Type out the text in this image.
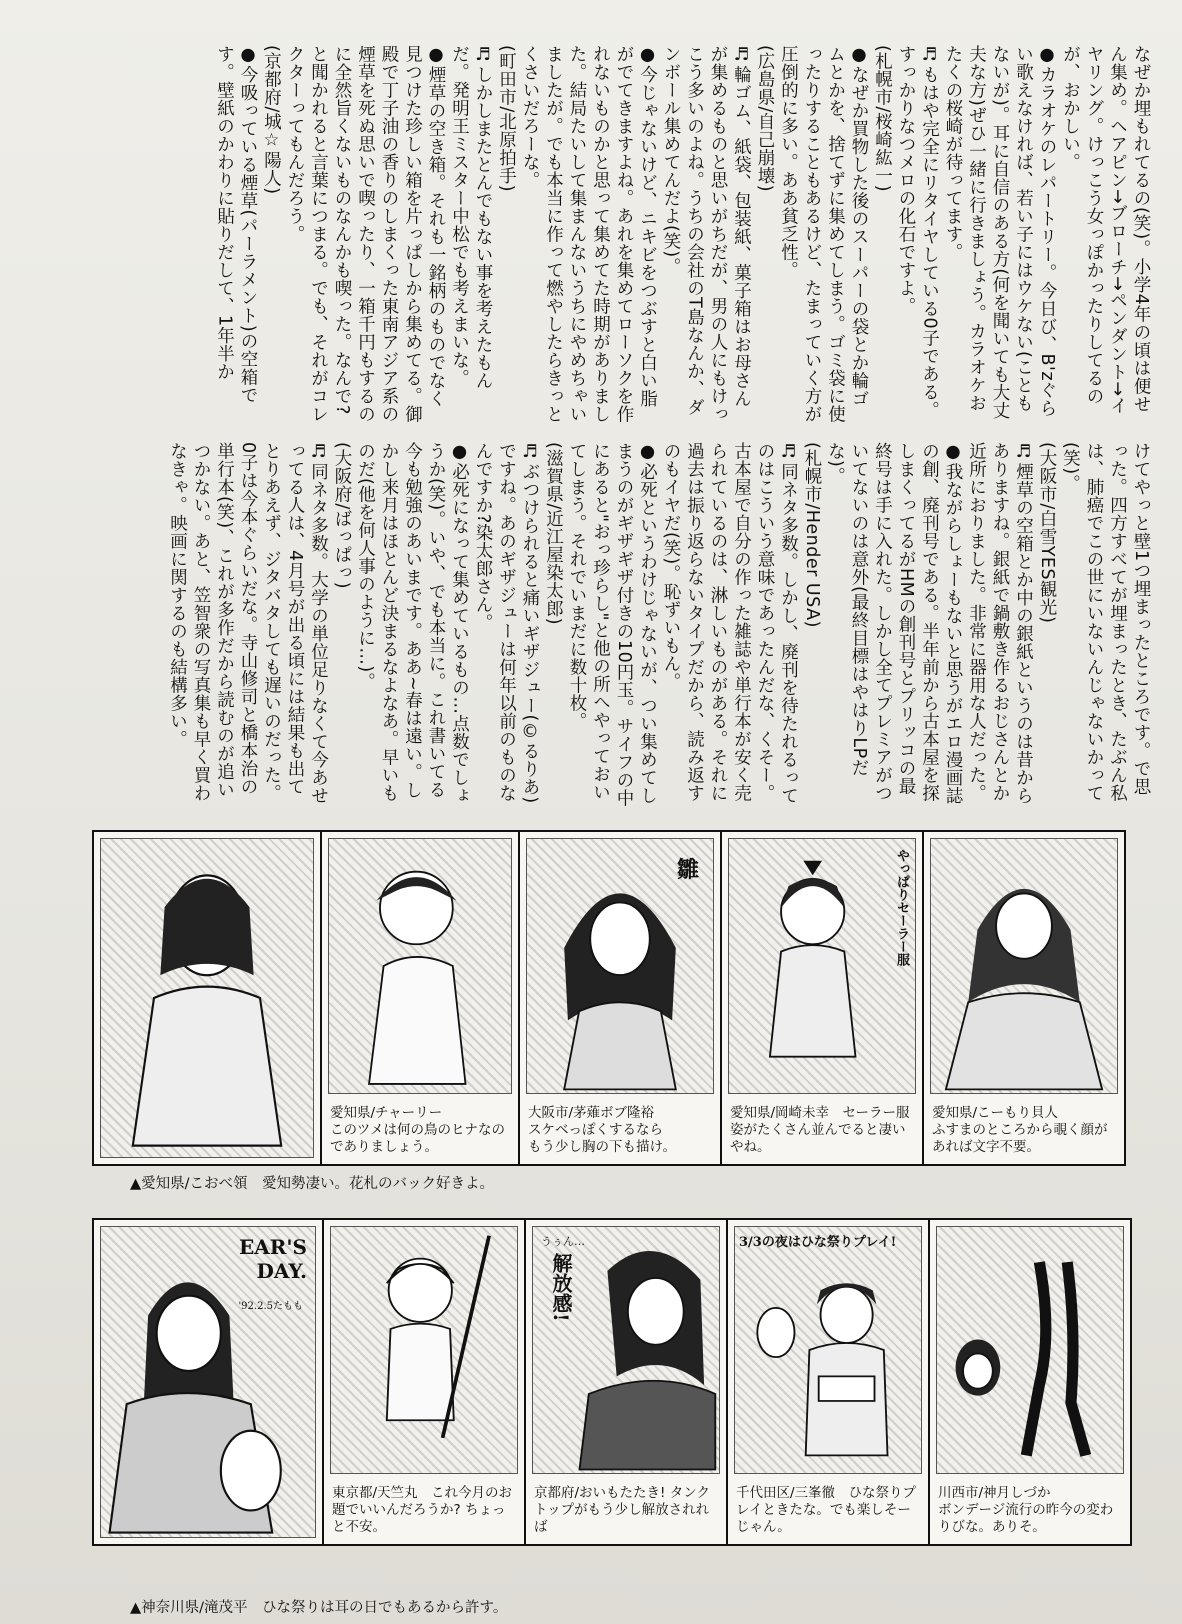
なぜか埋もれてるの(笑)。小学4年の頃は便せん集め。ヘアピン→ブローチ→ペンダント→イヤリング。けっこう女っぽかったりしてるのが、おかしい。

●カラオケのレパートリー。今日び、B'zぐらい歌えなければ、若い子にはウケない(こともないが)。耳に自信のある方(何を聞いても大丈夫な方)ぜひ一緒に行きましょう。カラオケおたくの桜崎が待ってます。

♬もはや完全にリタイヤしている0子である。すっかりなつメロの化石ですよ。

(札幌市/桜崎紘一)

●なぜか買物した後のスーパーの袋とか輪ゴムとかを、捨てずに集めてしまう。ゴミ袋に使ったりすることもあるけど、たまっていく方が圧倒的に多い。ああ貧乏性。

(広島県/自己崩壊)

♬輪ゴム、紙袋、包装紙、菓子箱はお母さんが集めるものと思いがちだが、男の人にもけっこう多いのよね。うちの会社のT島なんか、ダンボール集めてんだよ(笑)。

●今じゃないけど、ニキビをつぶすと白い脂がでてきますよね。あれを集めてローソクを作れないものかと思って集めてた時期がありました。結局たいして集まんないうちにやめちゃいましたが。でも本当に作って燃やしたらきっとくさいだろーな。

(町田市/北原拍手)

♬しかしまたとんでもない事を考えたもんだ。発明王ミスター中松でも考えまいな。

●煙草の空き箱。それも一銘柄のものでなく見つけた珍しい箱を片っぱしから集めてる。御殿で丁子油の香りのしまくった東南アジア系の煙草を死ぬ思いで喫ったり、一箱千円もするのに全然旨くないものなんかも喫った。なんで?と聞かれると言葉につまる。でも、それがコレクターってもんだろう。

(京都府/城☆陽人)

●今吸っている煙草(パーラメント)の空箱です。壁紙のかわりに貼りだして、1年半か

けてやっと壁1つ埋まったところです。で思った。四方すべてが埋まったとき、たぶん私は、肺癌でこの世にいないんじゃないかって(笑)。

(大阪市/白雪YES観光)

♬煙草の空箱とか中の銀紙というのは昔からありますね。銀紙で鍋敷き作るおじさんとか近所におりました。非常に器用な人だった。

●我ながらしょーもないと思うがエロ漫画誌の創、廃刊号である。半年前から古本屋を探しまくってるがHMの創刊号とプリッコの最終号は手に入れた。しかし全てプレミアがついてないのは意外(最終目標はやはりLPだな)。

(札幌市/Hender USA)

♬同ネタ多数。しかし、廃刊を待たれるってのはこういう意味であったんだな、くそー。古本屋で自分の作った雑誌や単行本が安く売られているのは、淋しいものがある。それに過去は振り返らないタイプだから、読み返すのもイヤだ(笑)。恥ずいもん。

●必死というわけじゃないが、つい集めてしまうのがギザギザ付きの10円玉。サイフの中にあると"おっ珍らし"と他の所へやっておいてしまう。それでいまだに数十枚。

(滋賀県/近江屋染太郎)

♬ぶつけられると痛いギザジュー(©るりあ)ですね。あのギザジューは何年以前のものなんですか?染太郎さん。

●必死になって集めているもの…点数でしょうか(笑)。いや、でも本当に。これ書いてる今も勉強のあいまです。ああ~春は遠い。しかし来月はほとんど決まるなよなあ。早いものだ(他を何人事のように…)。

(大阪府/ばっぱっ)

♬同ネタ多数。大学の単位足りなくて今あせってる人は、4月号が出る頃には結果も出てとりあえず、ジタバタしても遅いのだった。0子は今本ぐらいだな。寺山修司と橋本治の単行本(笑)、これが多作だから読むのが追いつかない。あと、笠智衆の写真集も早く買わなきゃ。映画に関するのも結構多い。

愛知県/チャーリー
このツメは何の鳥のヒナなのでありましょう。
雛
大阪市/茅薙ボブ隆裕
スケベっぽくするなら
もう少し胸の下も描け。
やっぱりセーラー服
愛知県/岡崎未幸　セーラー服姿がたくさん並んでると凄いやね。
愛知県/こーもり貝人
ふすまのところから覗く顔があれば文字不要。
▲愛知県/こおべ領　愛知勢凄い。花札のバック好きよ。
EAR'S DAY.
'92.2.5たもも
東京都/天竺丸　これ今月のお題でいいんだろうか? ちょっと不安。
うぅん…
解放感!
京都府/おいもたたき! タンクトップがもう少し解放されれば
3/3の夜はひな祭りプレイ!
千代田区/三峯徹　ひな祭りプレイときたな。でも楽しそーじゃん。
川西市/神月しづか
ボンデージ流行の昨今の変わりびな。ありそ。
▲神奈川県/滝茂平　ひな祭りは耳の日でもあるから許す。
